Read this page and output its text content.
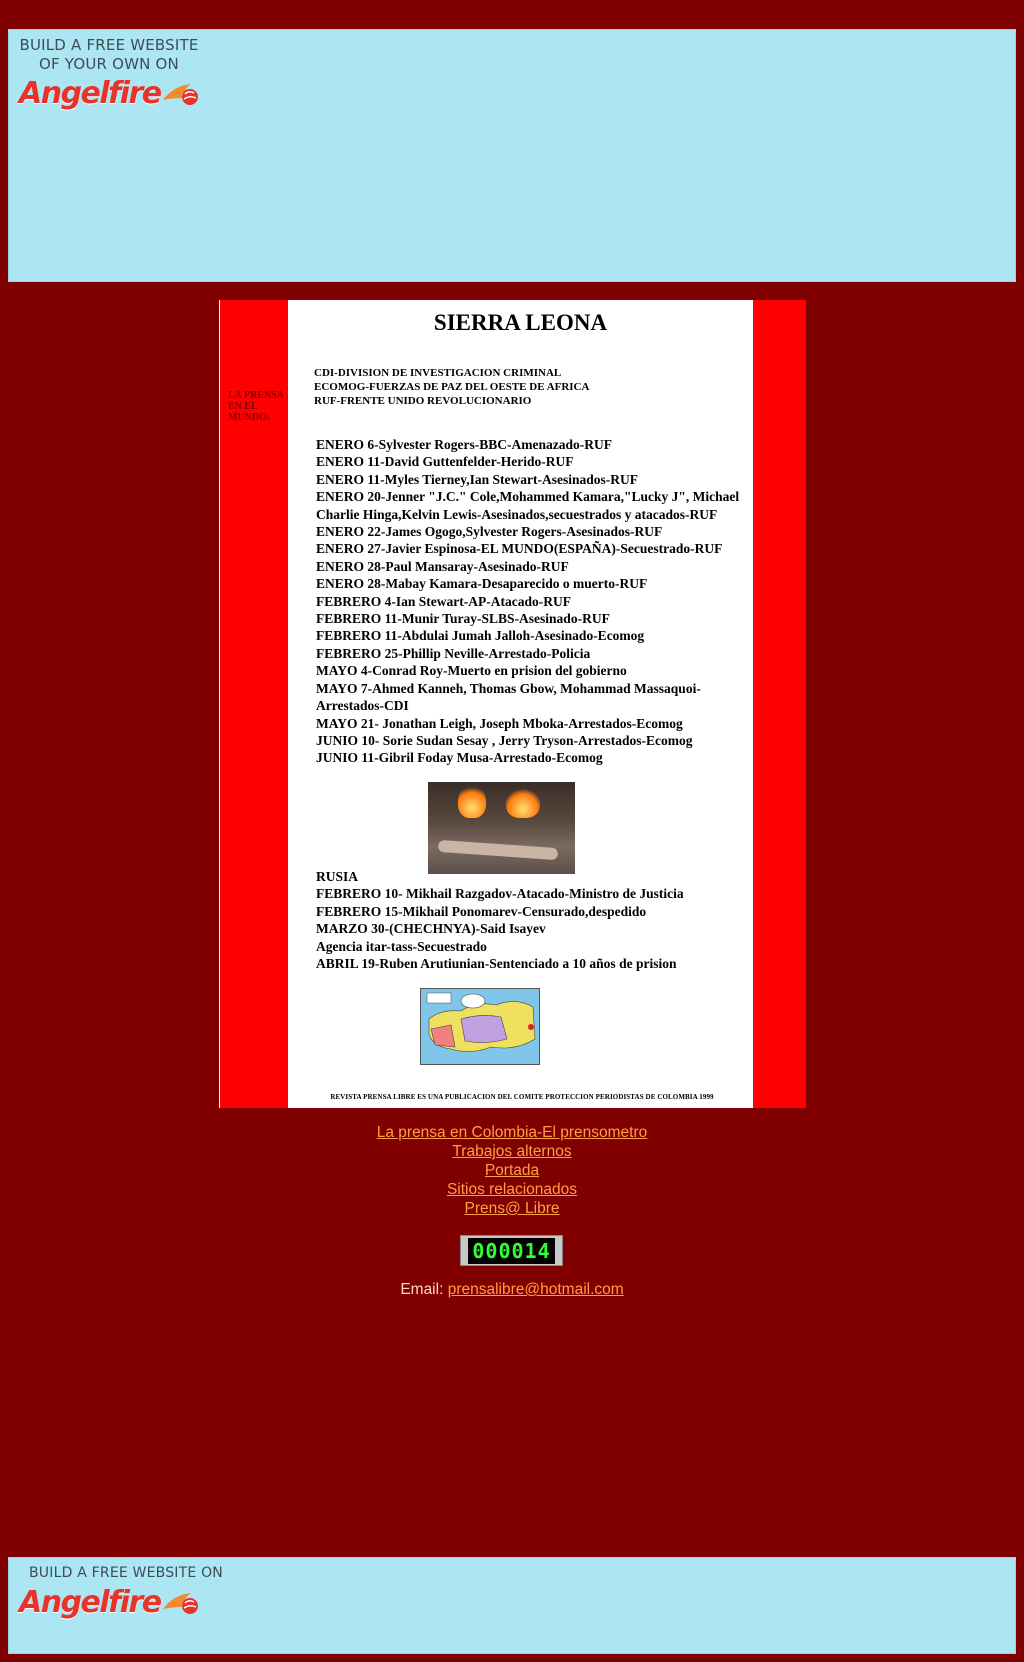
BUILD A FREE WEBSITE
OF YOUR OWN ON
Angelfire
LA PRENSA
EN EL
MUNDO:
SIERRA LEONA
CDI-DIVISION DE INVESTIGACION CRIMINAL
ECOMOG-FUERZAS DE PAZ DEL OESTE DE AFRICA
RUF-FRENTE UNIDO REVOLUCIONARIO
ENERO 6-Sylvester Rogers-BBC-Amenazado-RUF
ENERO 11-David Guttenfelder-Herido-RUF
ENERO 11-Myles Tierney,Ian Stewart-Asesinados-RUF
ENERO 20-Jenner "J.C." Cole,Mohammed Kamara,"Lucky J", Michael Charlie Hinga,Kelvin Lewis-Asesinados,secuestrados y atacados-RUF
ENERO 22-James Ogogo,Sylvester Rogers-Asesinados-RUF
ENERO 27-Javier Espinosa-EL MUNDO(ESPAÑA)-Secuestrado-RUF
ENERO 28-Paul Mansaray-Asesinado-RUF
ENERO 28-Mabay Kamara-Desaparecido o muerto-RUF
FEBRERO 4-Ian Stewart-AP-Atacado-RUF
FEBRERO 11-Munir Turay-SLBS-Asesinado-RUF
FEBRERO 11-Abdulai Jumah Jalloh-Asesinado-Ecomog
FEBRERO 25-Phillip Neville-Arrestado-Policia
MAYO 4-Conrad Roy-Muerto en prision del gobierno
MAYO 7-Ahmed Kanneh, Thomas Gbow, Mohammad Massaquoi-Arrestados-CDI
MAYO 21- Jonathan Leigh, Joseph Mboka-Arrestados-Ecomog
JUNIO 10- Sorie Sudan Sesay , Jerry Tryson-Arrestados-Ecomog
JUNIO 11-Gibril Foday Musa-Arrestado-Ecomog
RUSIA
FEBRERO 10- Mikhail Razgadov-Atacado-Ministro de Justicia
FEBRERO 15-Mikhail Ponomarev-Censurado,despedido
MARZO 30-(CHECHNYA)-Said Isayev
Agencia itar-tass-Secuestrado
ABRIL 19-Ruben Arutiunian-Sentenciado a 10 años de prision
REVISTA PRENSA LIBRE ES UNA PUBLICACION DEL COMITE PROTECCION PERIODISTAS DE COLOMBIA 1999
La prensa en Colombia-El prensometro
Trabajos alternos
Portada
Sitios relacionados
Prens@ Libre
000014
Email: prensalibre@hotmail.com
BUILD A FREE WEBSITE ON
Angelfire
